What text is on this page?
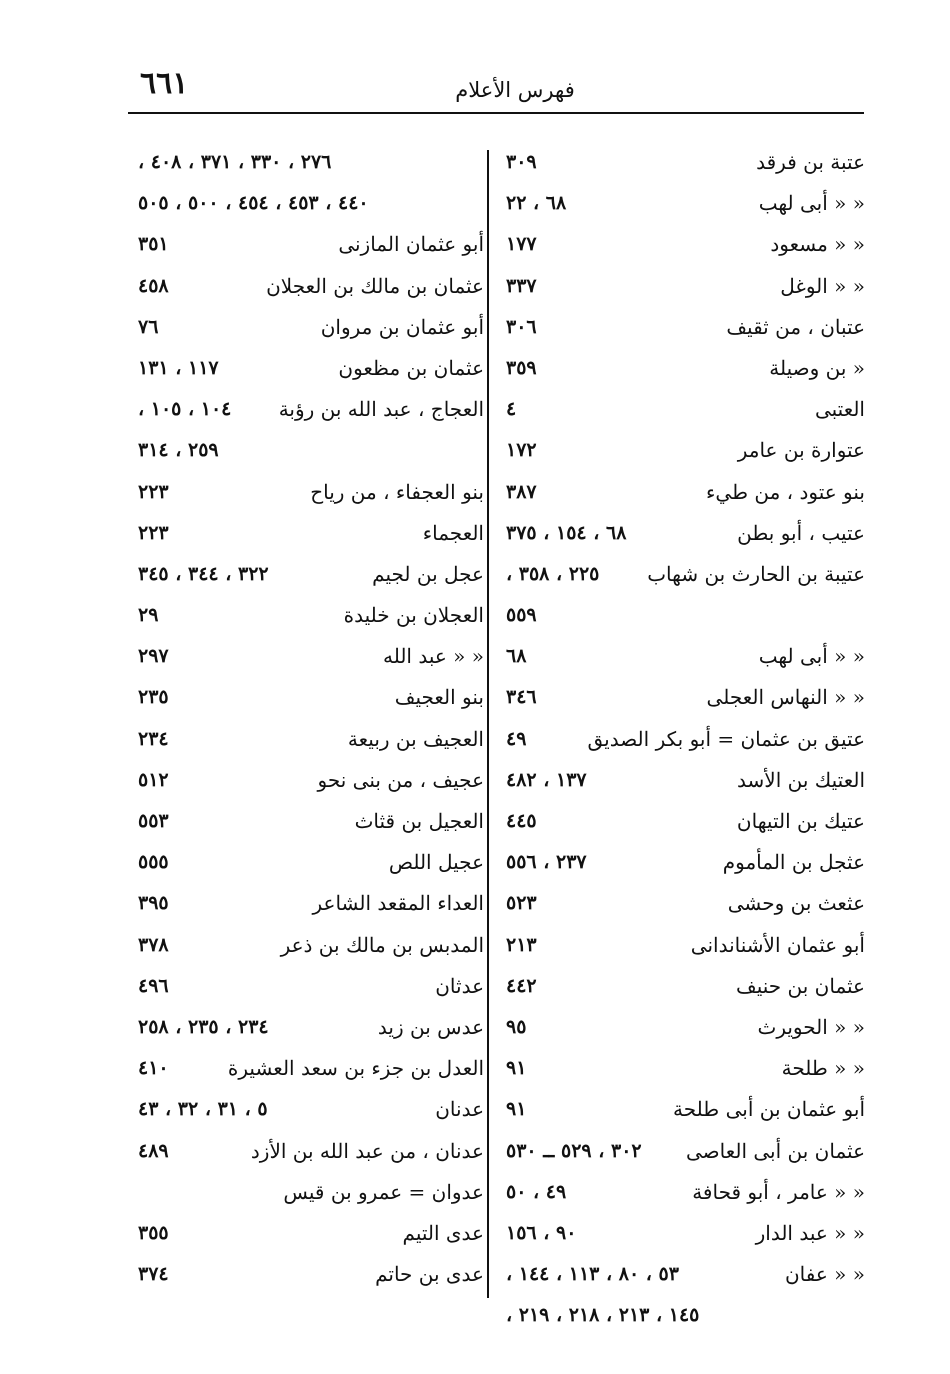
٦٦١	فهرس الأعلام
عتبة بن فرقد
٣٠٩
« « أبى لهب
٦٨ ، ٢٢
« « مسعود
١٧٧
« « الوغل
٣٣٧
عتبان ، من ثقيف
٣٠٦
« بن وصيلة
٣٥٩
العتبى
٤
عتوارة بن عامر
١٧٢
بنو عتود ، من طيء
٣٨٧
عتيب ، أبو بطن
٦٨ ، ١٥٤ ، ٣٧٥
عتيبة بن الحارث بن شهاب
٢٢٥ ، ٣٥٨ ،
٥٥٩
« « أبى لهب
٦٨
« « النهاس العجلى
٣٤٦
عتيق بن عثمان = أبو بكر الصديق
٤٩
العتيك بن الأسد
١٣٧ ، ٤٨٢
عتيك بن التيهان
٤٤٥
عثجل بن المأموم
٢٣٧ ، ٥٥٦
عثعث بن وحشى
٥٢٣
أبو عثمان الأشناندانى
٢١٣
عثمان بن حنيف
٤٤٢
« « الحويرث
٩٥
« « طلحة
٩١
أبو عثمان بن أبى طلحة
٩١
عثمان بن أبى العاصى
٣٠٢ ، ٥٢٩ ــ ٥٣٠
« « عامر ، أبو قحافة
٤٩ ، ٥٠
« « عبد الدار
٩٠ ، ١٥٦
« « عفان
٥٣ ، ٨٠ ، ١١٣ ، ١٤٤ ،
١٤٥ ، ٢١٣ ، ٢١٨ ، ٢١٩ ،
٢٧٦ ، ٣٣٠ ، ٣٧١ ، ٤٠٨ ،
٤٤٠ ، ٤٥٣ ، ٤٥٤ ، ٥٠٠ ، ٥٠٥
أبو عثمان المازنى
٣٥١
عثمان بن مالك بن العجلان
٤٥٨
أبو عثمان بن مروان
٧٦
عثمان بن مظعون
١١٧ ، ١٣١
العجاج ، عبد الله بن رؤبة
١٠٤ ، ١٠٥ ،
٢٥٩ ، ٣١٤
بنو العجفاء ، من رياح
٢٢٣
العجماء
٢٢٣
عجل بن لجيم
٣٢٢ ، ٣٤٤ ، ٣٤٥
العجلان بن خليدة
٢٩
« « عبد الله
٢٩٧
بنو العجيف
٢٣٥
العجيف بن ربيعة
٢٣٤
عجيف ، من بنى نحو
٥١٢
العجيل بن قثاث
٥٥٣
عجيل اللص
٥٥٥
العداء المقعد الشاعر
٣٩٥
المدبس بن مالك بن ذعر
٣٧٨
عدثان
٤٩٦
عدس بن زيد
٢٣٤ ، ٢٣٥ ، ٢٥٨
العدل بن جزء بن سعد العشيرة
٤١٠
عدنان
٥ ، ٣١ ، ٣٢ ، ٤٣
عدنان ، من عبد الله بن الأزد
٤٨٩
عدوان = عمرو بن قيس
عدى التيم
٣٥٥
عدى بن حاتم
٣٧٤
